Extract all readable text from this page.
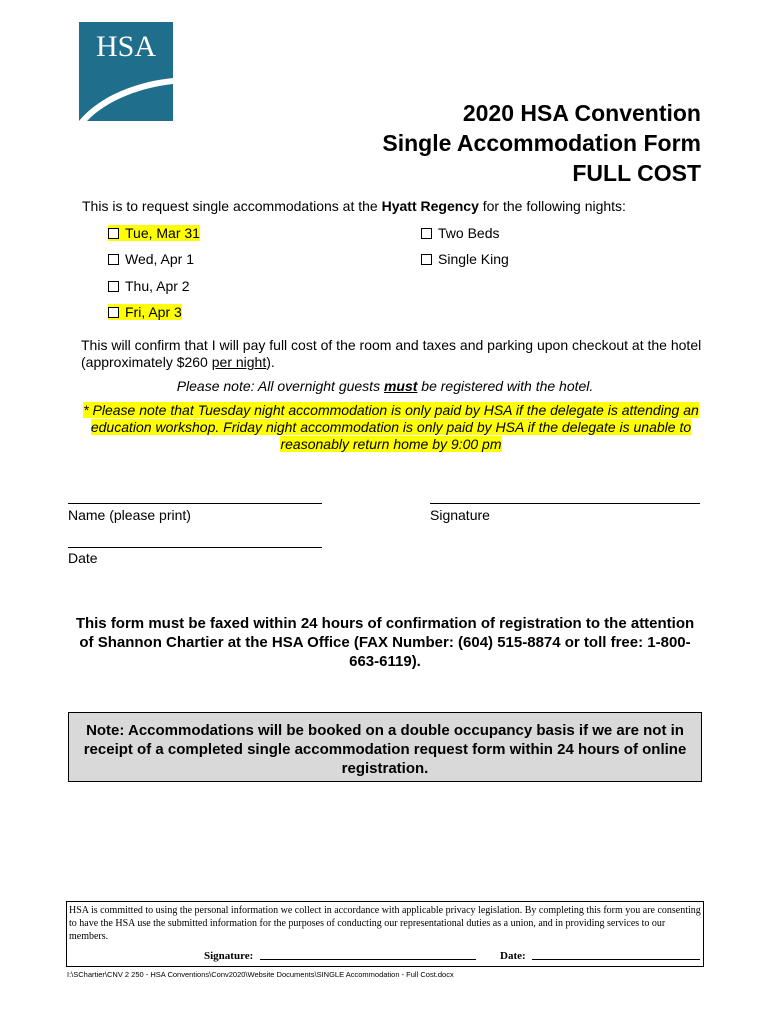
HSA
2020 HSA Convention
Single Accommodation Form
FULL COST
This is to request single accommodations at the Hyatt Regency for the following nights:
Tue, Mar 31
Wed, Apr 1
Thu, Apr 2
Fri, Apr 3
Two Beds
Single King
This will confirm that I will pay full cost of the room and taxes and parking upon checkout at the hotel
(approximately $260 per night).
Please note: All overnight guests must be registered with the hotel.
* Please note that Tuesday night accommodation is only paid by HSA if the delegate is attending an
education workshop. Friday night accommodation is only paid by HSA if the delegate is unable to
reasonably return home by 9:00 pm
Name (please print)	Signature
Date
This form must be faxed within 24 hours of confirmation of registration to the attention
of Shannon Chartier at the HSA Office (FAX Number: (604) 515-8874 or toll free: 1-800-
663-6119).
Note: Accommodations will be booked on a double occupancy basis if we are not in
receipt of a completed single accommodation request form within 24 hours of online
registration.
HSA is committed to using the personal information we collect in accordance with applicable privacy legislation. By completing this form you are consenting to have the HSA use the submitted information for the purposes of conducting our representational duties as a union, and in providing services to our members.
Signature:	Date:
I:\SChartier\CNV 2 250 - HSA Conventions\Conv2020\Website Documents\SINGLE Accommodation - Full Cost.docx
